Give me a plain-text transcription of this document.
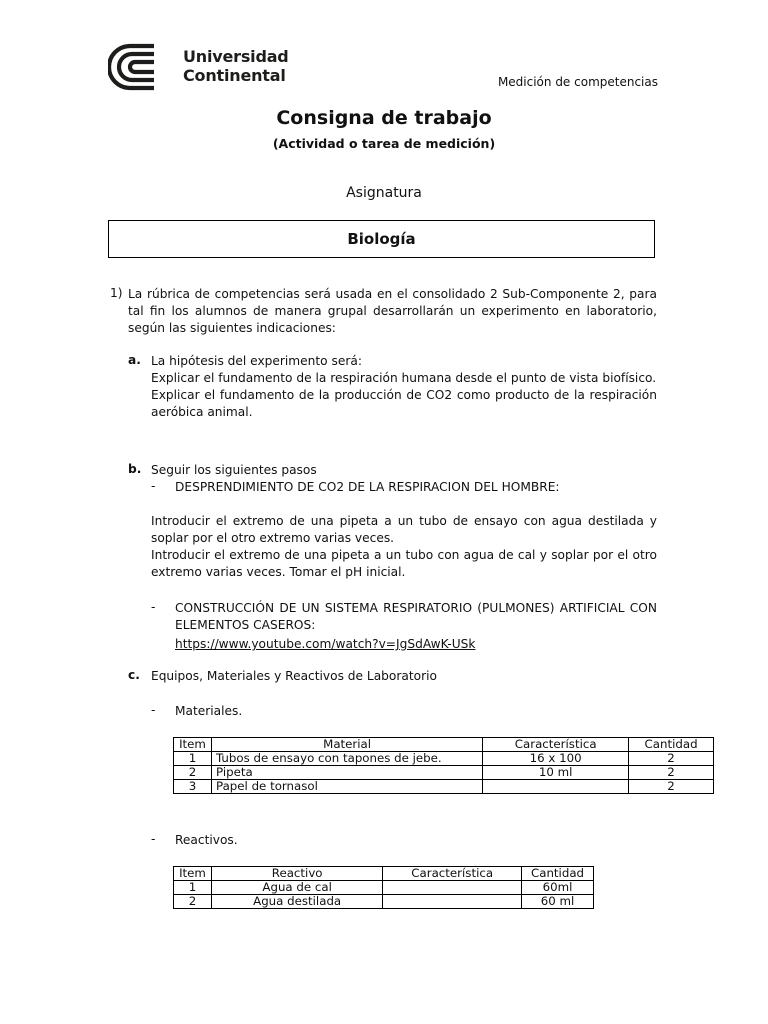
Universidad
Continental	Medición de competencias
Consigna de trabajo
(Actividad o tarea de medición)
Asignatura
Biología
1) La rúbrica de competencias será usada en el consolidado 2 Sub-Componente 2, para tal fin los alumnos de manera grupal desarrollarán un experimento en laboratorio, según las siguientes indicaciones:
a. La hipótesis del experimento será:
Explicar el fundamento de la respiración humana desde el punto de vista biofísico.
Explicar el fundamento de la producción de CO2 como producto de la respiración aeróbica animal.
b. Seguir los siguientes pasos
- DESPRENDIMIENTO DE CO2 DE LA RESPIRACION DEL HOMBRE:
Introducir el extremo de una pipeta a un tubo de ensayo con agua destilada y soplar por el otro extremo varias veces.
Introducir el extremo de una pipeta a un tubo con agua de cal y soplar por el otro extremo varias veces. Tomar el pH inicial.
- CONSTRUCCIÓN DE UN SISTEMA RESPIRATORIO (PULMONES) ARTIFICIAL CON ELEMENTOS CASEROS:
https://www.youtube.com/watch?v=JgSdAwK-USk
c. Equipos, Materiales y Reactivos de Laboratorio
- Materiales.
Item	Material	Característica	Cantidad
1	Tubos de ensayo con tapones de jebe.	16 x 100	2
2	Pipeta	10 ml	2
3	Papel de tornasol		2
- Reactivos.
Item	Reactivo	Característica	Cantidad
1	Agua de cal		60ml
2	Agua destilada		60 ml
